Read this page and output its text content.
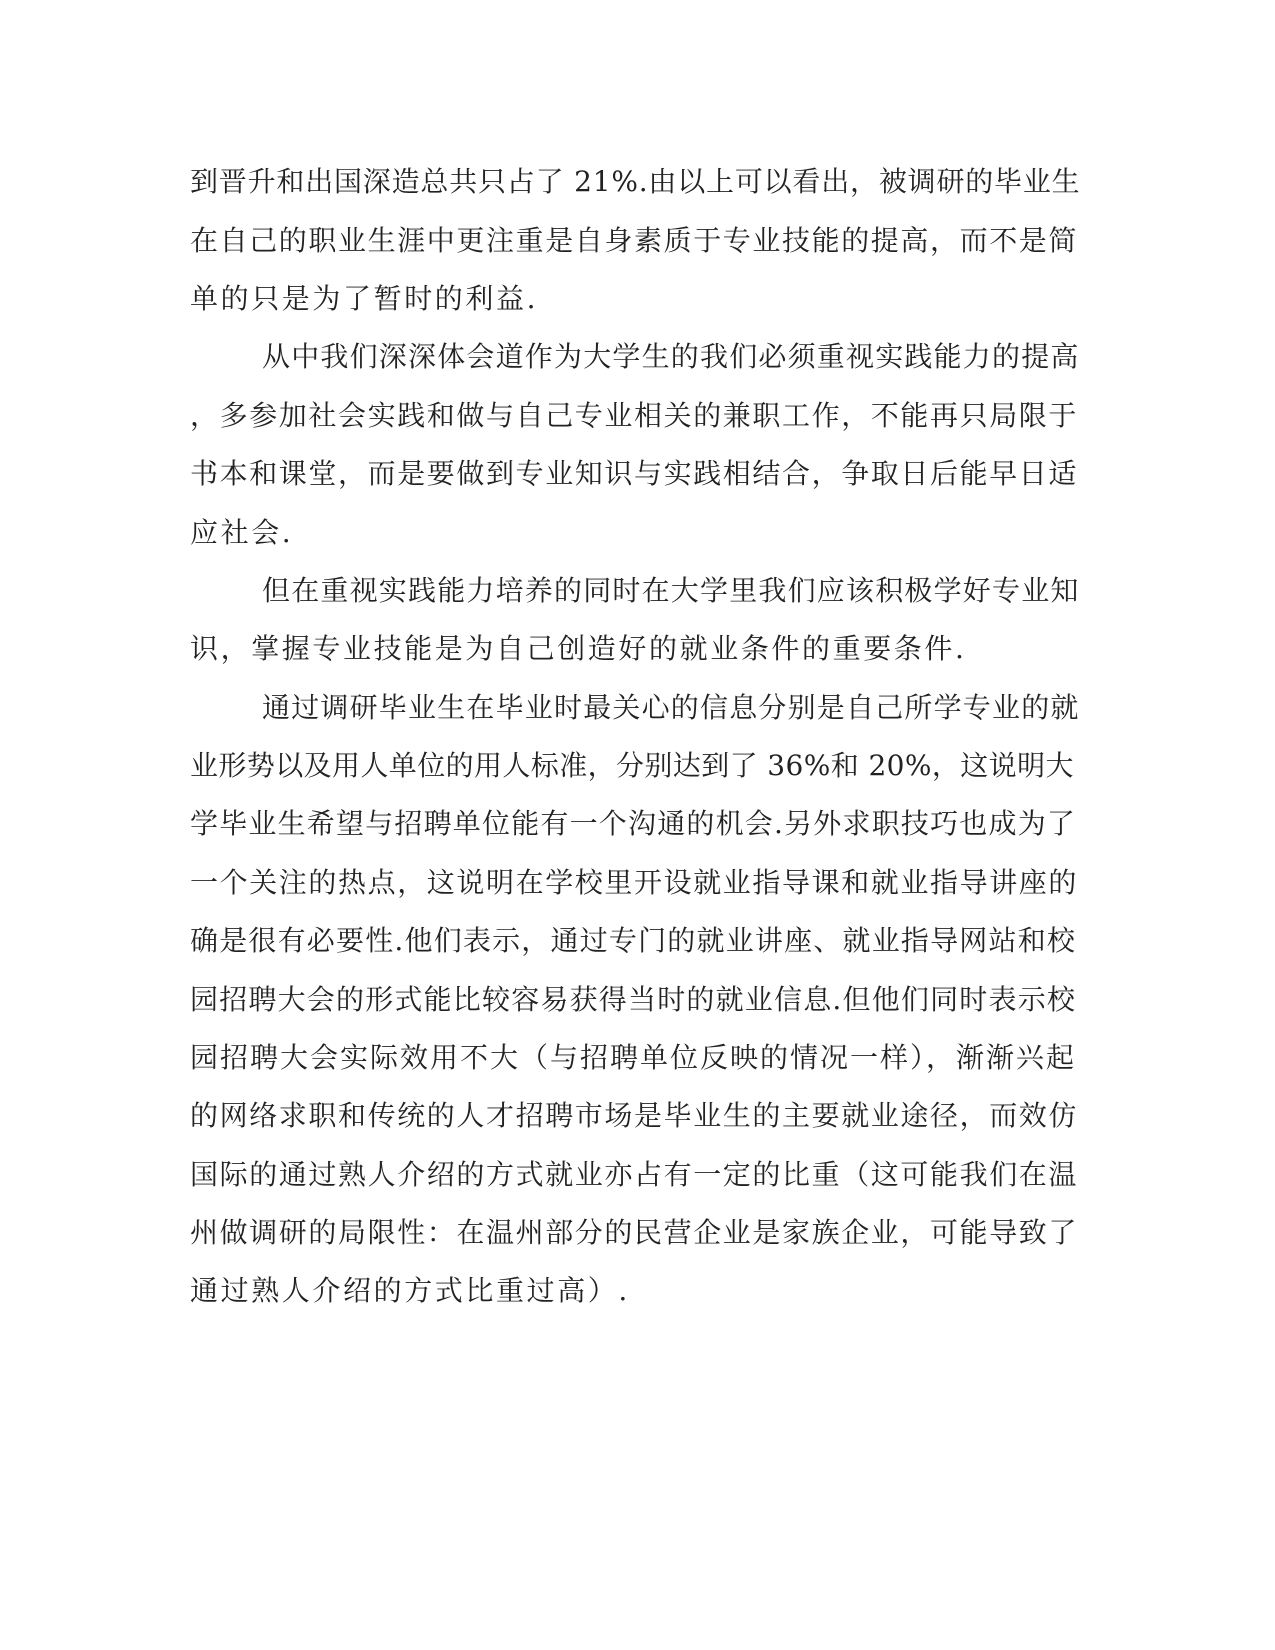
到晋升和出国深造总共只占了 21%.由以上可以看出，被调研的毕业生
在自己的职业生涯中更注重是自身素质于专业技能的提高，而不是简
单的只是为了暂时的利益.
从中我们深深体会道作为大学生的我们必须重视实践能力的提高
，多参加社会实践和做与自己专业相关的兼职工作，不能再只局限于
书本和课堂，而是要做到专业知识与实践相结合，争取日后能早日适
应社会.
但在重视实践能力培养的同时在大学里我们应该积极学好专业知
识，掌握专业技能是为自己创造好的就业条件的重要条件.
通过调研毕业生在毕业时最关心的信息分别是自己所学专业的就
业形势以及用人单位的用人标准，分别达到了 36%和 20%，这说明大
学毕业生希望与招聘单位能有一个沟通的机会.另外求职技巧也成为了
一个关注的热点，这说明在学校里开设就业指导课和就业指导讲座的
确是很有必要性.他们表示，通过专门的就业讲座、就业指导网站和校
园招聘大会的形式能比较容易获得当时的就业信息.但他们同时表示校
园招聘大会实际效用不大（与招聘单位反映的情况一样），渐渐兴起
的网络求职和传统的人才招聘市场是毕业生的主要就业途径，而效仿
国际的通过熟人介绍的方式就业亦占有一定的比重（这可能我们在温
州做调研的局限性：在温州部分的民营企业是家族企业，可能导致了
通过熟人介绍的方式比重过高）.
